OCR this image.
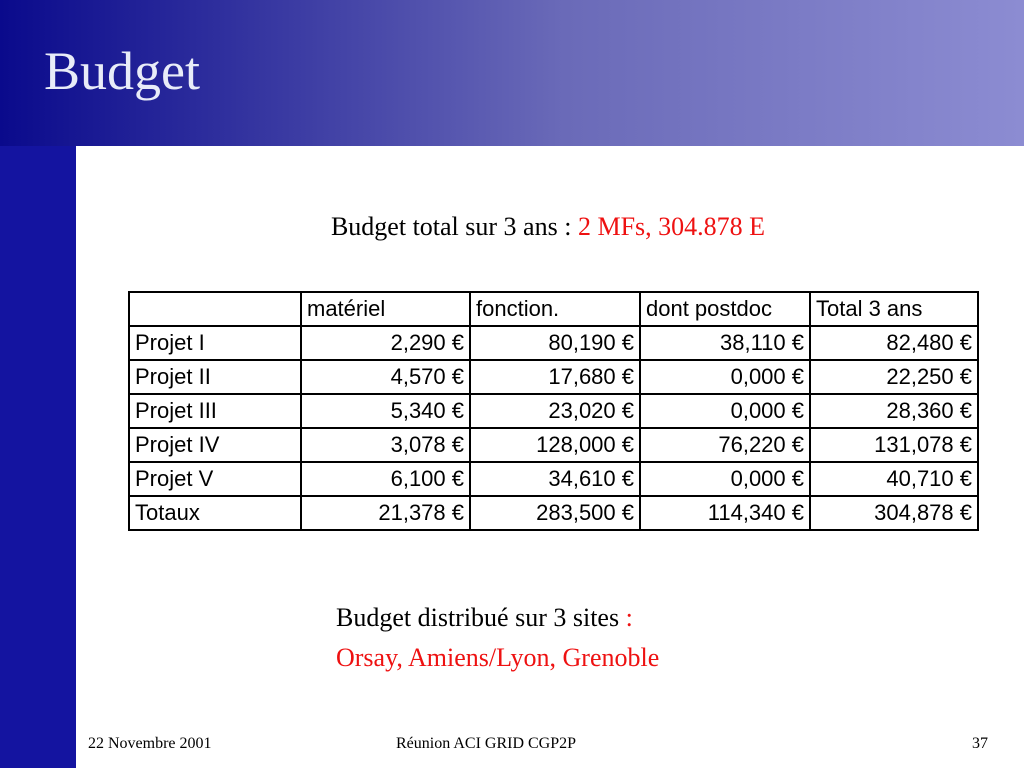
Budget
Budget total sur 3 ans : 2 MFs, 304.878 E
	matériel	fonction.	dont postdoc	Total 3 ans
Projet I	2,290 €	80,190 €	38,110 €	82,480 €
Projet II	4,570 €	17,680 €	0,000 €	22,250 €
Projet III	5,340 €	23,020 €	0,000 €	28,360 €
Projet IV	3,078 €	128,000 €	76,220 €	131,078 €
Projet V	6,100 €	34,610 €	0,000 €	40,710 €
Totaux	21,378 €	283,500 €	114,340 €	304,878 €
Budget distribué sur 3 sites :
Orsay, Amiens/Lyon, Grenoble
22 Novembre 2001	Réunion ACI GRID CGP2P	37
